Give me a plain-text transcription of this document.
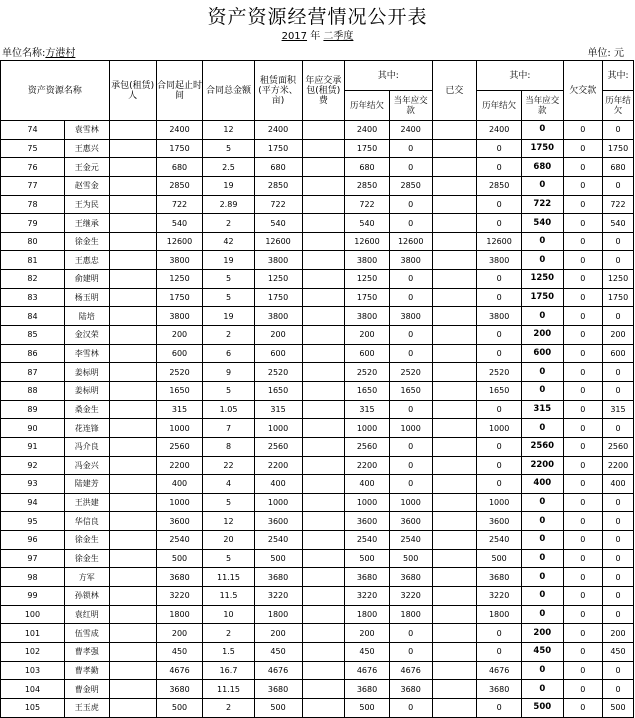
资产资源经营情况公开表
2017 年 二季度
单位名称:方港村	单位: 元
资产资源名称		承包(租赁)人	合同起止时间	合同总金额	租赁面积(平方米、亩)	年应交承包(租赁)费	其中:		已交	其中:		欠交款	其中:
							历年结欠	当年应交款		历年结欠	当年应交款		历年结欠
74	袁雪林		2400	12	2400		2400	2400		2400	0	0	0
75	王惠兴		1750	5	1750		1750	0		0	1750	0	1750
76	王金元		680	2.5	680		680	0		0	680	0	680
77	赵雪金		2850	19	2850		2850	2850		2850	0	0	0
78	王为民		722	2.89	722		722	0		0	722	0	722
79	王继承		540	2	540		540	0		0	540	0	540
80	徐金生		12600	42	12600		12600	12600		12600	0	0	0
81	王惠忠		3800	19	3800		3800	3800		3800	0	0	0
82	俞建明		1250	5	1250		1250	0		0	1250	0	1250
83	杨玉明		1750	5	1750		1750	0		0	1750	0	1750
84	陆培		3800	19	3800		3800	3800		3800	0	0	0
85	金汉荣		200	2	200		200	0		0	200	0	200
86	李雪林		600	6	600		600	0		0	600	0	600
87	姜标明		2520	9	2520		2520	2520		2520	0	0	0
88	姜标明		1650	5	1650		1650	1650		1650	0	0	0
89	桑金生		315	1.05	315		315	0		0	315	0	315
90	花连锋		1000	7	1000		1000	1000		1000	0	0	0
91	冯介良		2560	8	2560		2560	0		0	2560	0	2560
92	冯金兴		2200	22	2200		2200	0		0	2200	0	2200
93	陆建芳		400	4	400		400	0		0	400	0	400
94	王洪建		1000	5	1000		1000	1000		1000	0	0	0
95	华信良		3600	12	3600		3600	3600		3600	0	0	0
96	徐金生		2540	20	2540		2540	2540		2540	0	0	0
97	徐金生		500	5	500		500	500		500	0	0	0
98	方军		3680	11.15	3680		3680	3680		3680	0	0	0
99	孙锁林		3220	11.5	3220		3220	3220		3220	0	0	0
100	袁红明		1800	10	1800		1800	1800		1800	0	0	0
101	伍雪成		200	2	200		200	0		0	200	0	200
102	曹孝强		450	1.5	450		450	0		0	450	0	450
103	曹孝勤		4676	16.7	4676		4676	4676		4676	0	0	0
104	曹金明		3680	11.15	3680		3680	3680		3680	0	0	0
105	王玉虎		500	2	500		500	0		0	500	0	500
